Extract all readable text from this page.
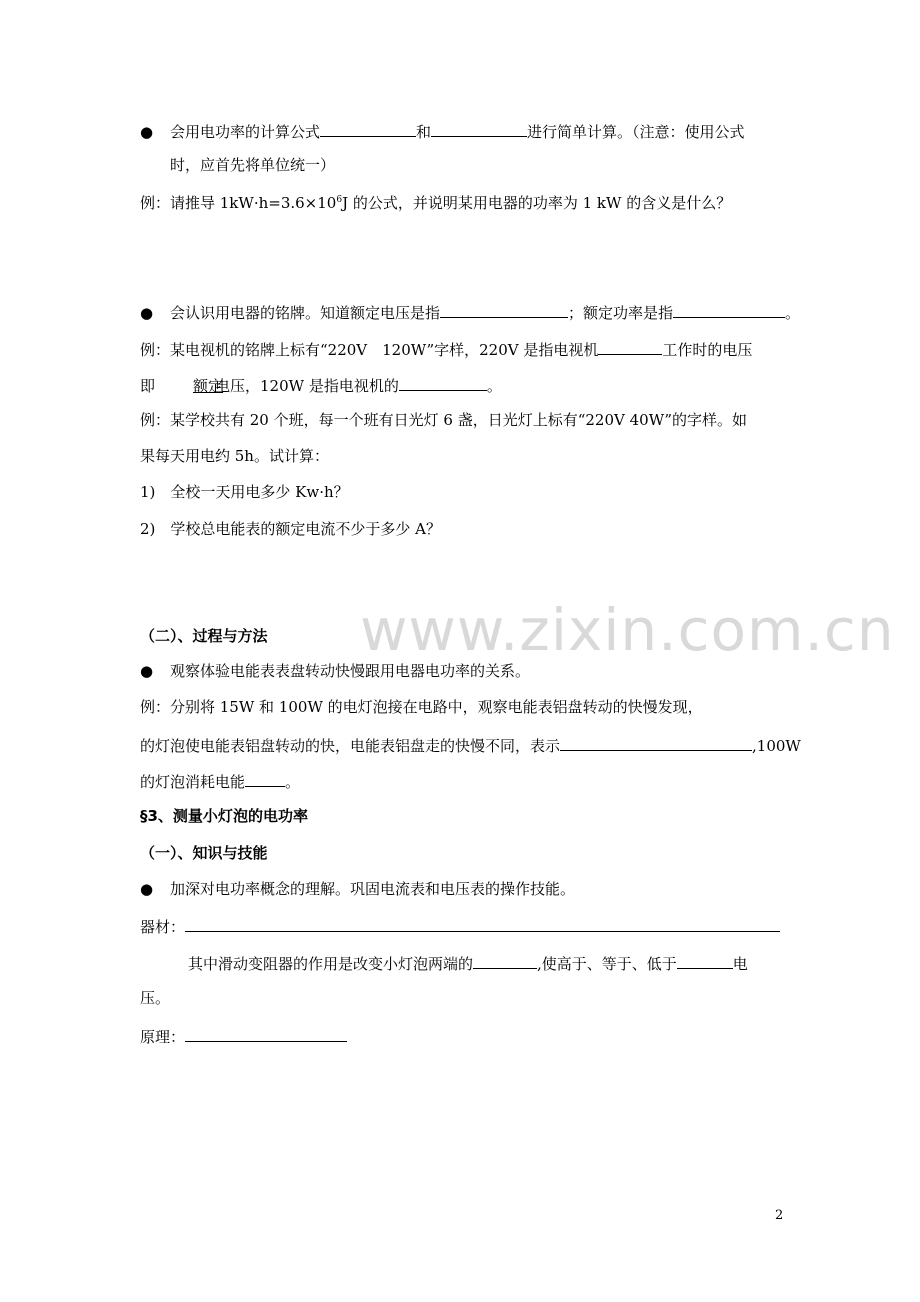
www.zixin.com.cn
● 会用电功率的计算公式	和	进行简单计算。（注意：使用公式
时，应首先将单位统一）
例：请推导 $1kW\cdot h=3.6\times 10^6J$ 的公式，并说明某用电器的功率为 1 kW 的含义是什么？
● 会认识用电器的铭牌。知道额定电压是指	；额定功率是指	。
例：某电视机的铭牌上标有“220V　120W”字样，220V 是指电视机	工作时的电压
即	额定电压，120W 是指电视机的	。
例：某学校共有 20 个班，每一个班有日光灯 6 盏，日光灯上标有“220V 40W”的字样。如
果每天用电约 5h。试计算：
1)　全校一天用电多少 Kw·h？
2)　学校总电能表的额定电流不少于多少 A？
（二）、过程与方法
● 观察体验电能表表盘转动快慢跟用电器电功率的关系。
例：分别将 15W 和 100W 的电灯泡接在电路中，观察电能表铝盘转动的快慢发现，
的灯泡使电能表铝盘转动的快，电能表铝盘走的快慢不同，表示	,100W
的灯泡消耗电能	。
§3、测量小灯泡的电功率
（一）、知识与技能
● 加深对电功率概念的理解。巩固电流表和电压表的操作技能。
器材：
其中滑动变阻器的作用是改变小灯泡两端的	,使高于、等于、低于	电
压。
原理：
2
